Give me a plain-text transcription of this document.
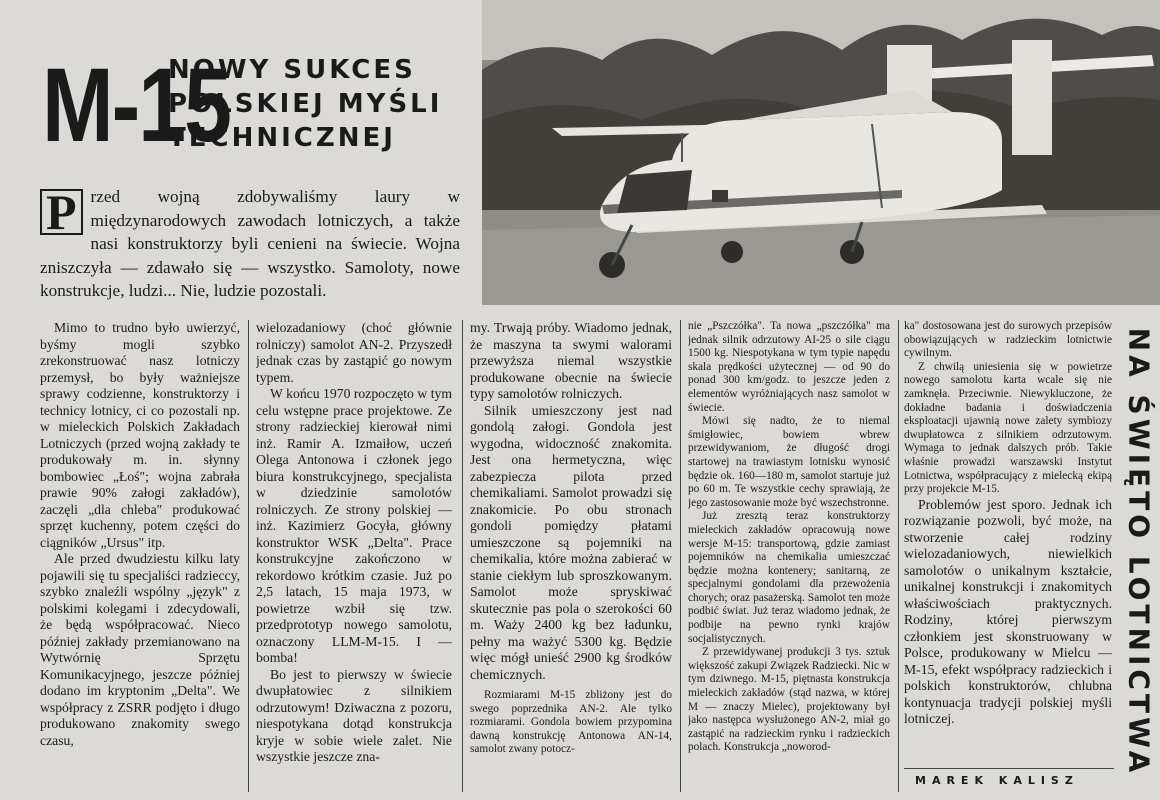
M-15
NOWY SUKCES
POLSKIEJ MYŚLI
TECHNICZNEJ
P rzed wojną zdobywaliśmy laury w międzynarodowych zawodach lotniczych, a także nasi konstruktorzy byli cenieni na świecie. Wojna zniszczyła — zdawało się — wszystko. Samoloty, nowe konstrukcje, ludzi... Nie, ludzie pozostali.

Mimo to trudno było uwierzyć, byśmy mogli szybko zrekonstruować nasz lotniczy przemysł, bo były ważniejsze sprawy codzienne, konstruktorzy i technicy lotnicy, ci co pozostali np. w mieleckich Polskich Zakładach Lotniczych (przed wojną zakłady te produkowały m. in. słynny bombowiec „Łoś"; wojna zabrała prawie 90% załogi zakładów), zaczęli „dla chleba" produkować sprzęt kuchenny, potem części do ciągników „Ursus" itp.

Ale przed dwudziestu kilku laty pojawili się tu specjaliści radzieccy, szybko znaleźli wspólny „język" z polskimi kolegami i zdecydowali, że będą współpracować. Nieco później zakłady przemianowano na Wytwórnię Sprzętu Komunikacyjnego, jeszcze później dodano im kryptonim „Delta". We współpracy z ZSRR podjęto i długo produkowano znakomity swego czasu,

wielozadaniowy (choć głównie rolniczy) samolot AN-2. Przyszedł jednak czas by zastąpić go nowym typem.

W końcu 1970 rozpoczęto w tym celu wstępne prace projektowe. Ze strony radzieckiej kierował nimi inż. Ramir A. Izmaiłow, uczeń Olega Antonowa i członek jego biura konstrukcyjnego, specjalista w dziedzinie samolotów rolniczych. Ze strony polskiej — inż. Kazimierz Gocyła, główny konstruktor WSK „Delta". Prace konstrukcyjne zakończono w rekordowo krótkim czasie. Już po 2,5 latach, 15 maja 1973, w powietrze wzbił się tzw. przedprototyp nowego samolotu, oznaczony LLM-M-15. I — bomba!

Bo jest to pierwszy w świecie dwupłatowiec z silnikiem odrzutowym! Dziwaczna z pozoru, niespotykana dotąd konstrukcja kryje w sobie wiele zalet. Nie wszystkie jeszcze zna-

my. Trwają próby. Wiadomo jednak, że maszyna ta swymi walorami przewyższa niemal wszystkie produkowane obecnie na świecie typy samolotów rolniczych.

Silnik umieszczony jest nad gondolą załogi. Gondola jest wygodna, widoczność znakomita. Jest ona hermetyczna, więc zabezpiecza pilota przed chemikaliami. Samolot prowadzi się znakomicie. Po obu stronach gondoli pomiędzy płatami umieszczone są pojemniki na chemikalia, które można zabierać w stanie ciekłym lub sproszkowanym. Samolot może spryskiwać skutecznie pas pola o szerokości 60 m. Waży 2400 kg bez ładunku, pełny ma ważyć 5300 kg. Będzie więc mógł unieść 2900 kg środków chemicznych.

Rozmiarami M-15 zbliżony jest do swego poprzednika AN-2. Ale tylko rozmiarami. Gondola bowiem przypomina dawną konstrukcję Antonowa AN-14, samolot zwany potocz-

nie „Pszczółka". Ta nowa „pszczółka" ma jednak silnik odrzutowy AI-25 o sile ciągu 1500 kg. Niespotykana w tym typie napędu skala prędkości użytecznej — od 90 do ponad 300 km/godz. to jeszcze jeden z elementów wyróżniających nasz samolot w świecie.

Mówi się nadto, że to niemal śmigłowiec, bowiem wbrew przewidywaniom, że długość drogi startowej na trawiastym lotnisku wynosić będzie ok. 160—180 m, samolot startuje już po 60 m. Te wszystkie cechy sprawiają, że jego zastosowanie może być wszechstronne.

Już zresztą teraz konstruktorzy mieleckich zakładów opracowują nowe wersje M-15: transportową, gdzie zamiast pojemników na chemikalia umieszczać będzie można kontenery; sanitarną, ze specjalnymi gondolami dla przewożenia chorych; oraz pasażerską. Samolot ten może podbić świat. Już teraz wiadomo jednak, że podbije na pewno rynki krajów socjalistycznych.

Z przewidywanej produkcji 3 tys. sztuk większość zakupi Związek Radziecki. Nic w tym dziwnego. M-15, piętnasta konstrukcja mieleckich zakładów (stąd nazwa, w której M — znaczy Mielec), projektowany był jako następca wysłużonego AN-2, miał go zastąpić na radzieckim rynku i radzieckich polach. Konstrukcja „noworod-

ka" dostosowana jest do surowych przepisów obowiązujących w radzieckim lotnictwie cywilnym.

Z chwilą uniesienia się w powietrze nowego samolotu karta wcale się nie zamknęła. Przeciwnie. Niewykluczone, że dokładne badania i doświadczenia eksploatacji ujawnią nowe zalety symbiozy dwupłatowca z silnikiem odrzutowym. Wymaga to jednak dalszych prób. Takie właśnie prowadzi warszawski Instytut Lotnictwa, współpracujący z mielecką ekipą przy projekcie M-15.

Problemów jest sporo. Jednak ich rozwiązanie pozwoli, być może, na stworzenie całej rodziny wielozadaniowych, niewielkich samolotów o unikalnym kształcie, unikalnej konstrukcji i znakomitych właściwościach praktycznych. Rodziny, której pierwszym członkiem jest skonstruowany w Polsce, produkowany w Mielcu — M-15, efekt współpracy radzieckich i polskich konstruktorów, chlubna kontynuacja tradycji polskiej myśli lotniczej.

MAREK KALISZ
NA ŚWIĘTO LOTNICTWA
